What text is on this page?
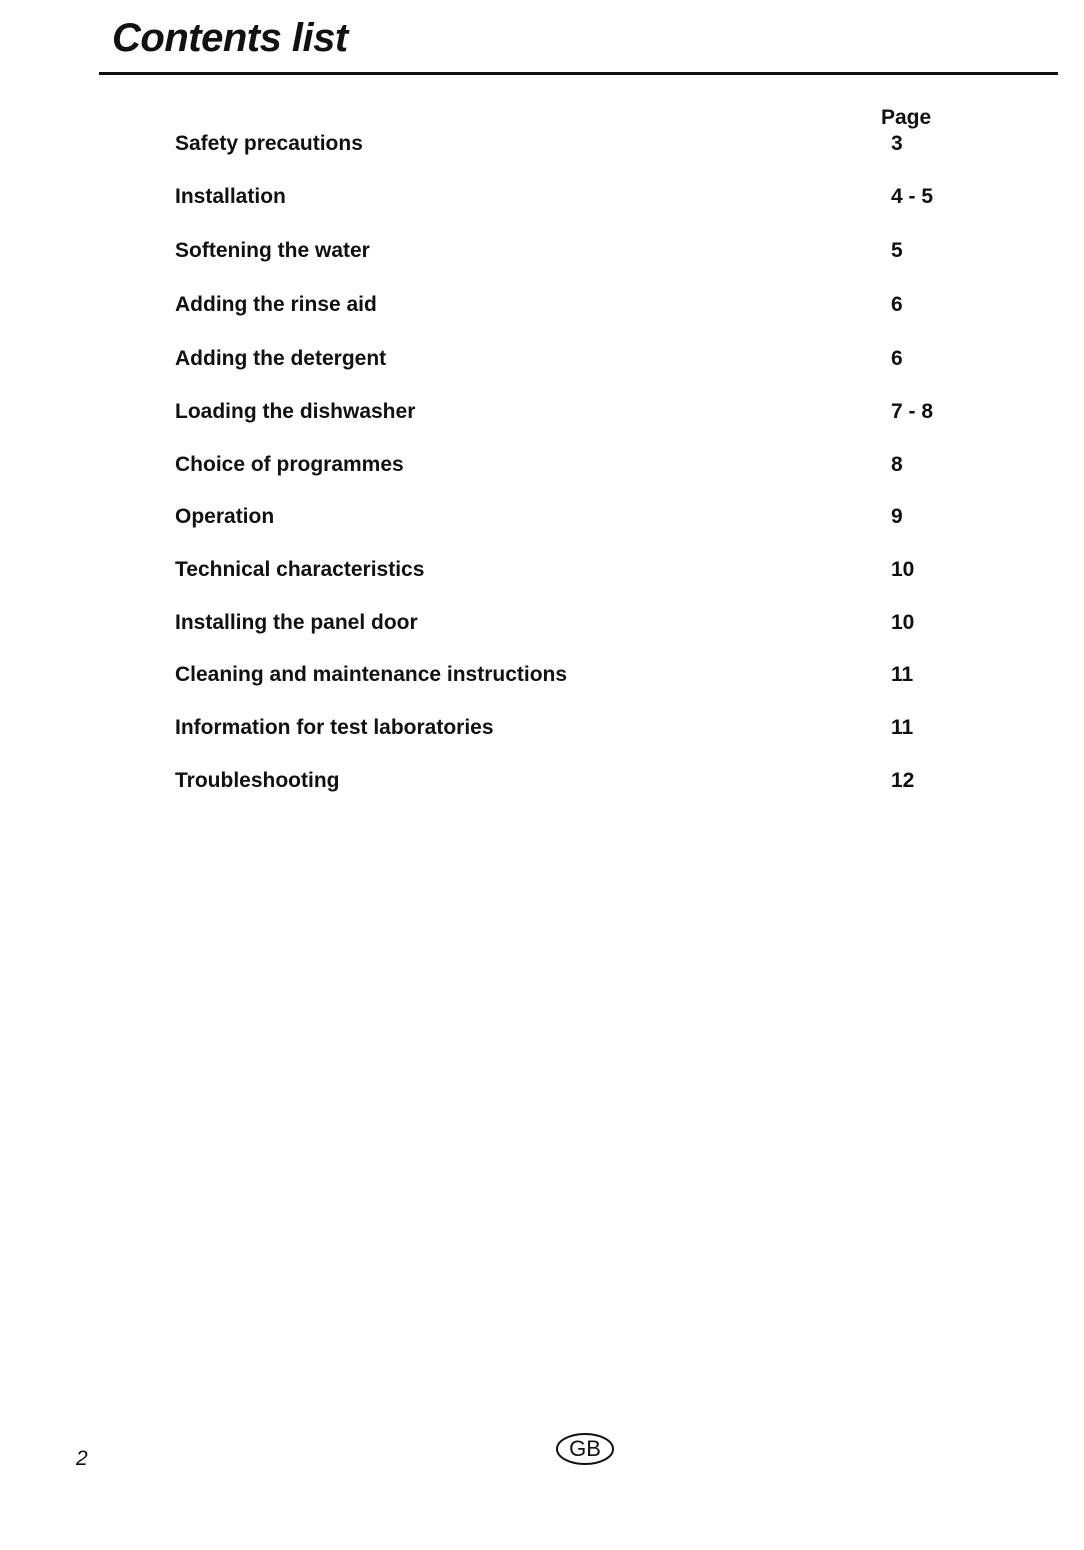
Contents list
Page
Safety precautions	3
Installation	4 - 5
Softening the water	5
Adding the rinse aid	6
Adding the detergent	6
Loading the dishwasher	7 - 8
Choice of programmes	8
Operation	9
Technical characteristics	10
Installing the panel door	10
Cleaning and maintenance instructions	11
Information for test laboratories	11
Troubleshooting	12
2	GB
